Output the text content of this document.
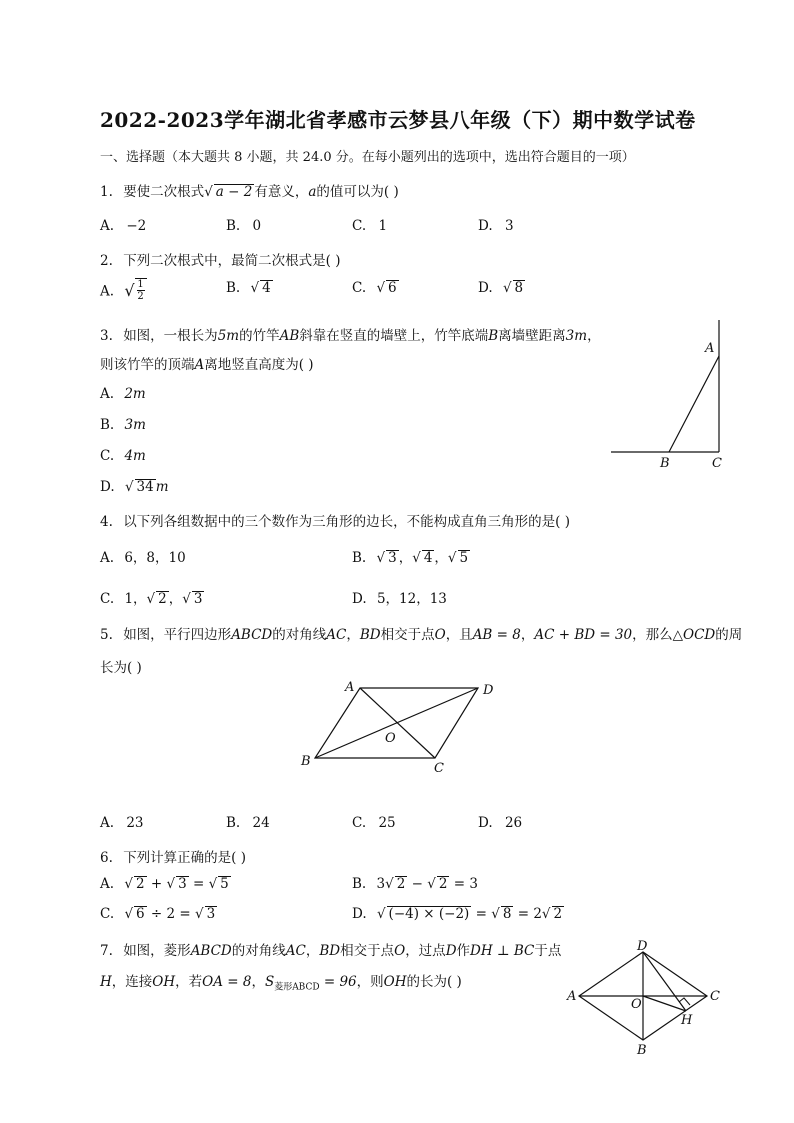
2022-2023学年湖北省孝感市云梦县八年级（下）期中数学试卷
一、选择题（本大题共 8 小题，共 24.0 分。在每小题列出的选项中，选出符合题目的一项）
1. 要使二次根式√ a − 2 有意义，a的值可以为( )
A. −2	B. 0	C. 1	D. 3
2. 下列二次根式中，最简二次根式是( )
A. √ 1
2
B. √ 4	C. √ 6	D. √ 8
3. 如图，一根长为5m的竹竿AB斜靠在竖直的墙壁上，竹竿底端B离墙壁距离3m，
则该竹竿的顶端A离地竖直高度为( )
A. 2m
B. 3m
C. 4m
D. √ 34 m
A
B	C
4. 以下列各组数据中的三个数作为三角形的边长，不能构成直角三角形的是( )
A. 6，8，10	B. √ 3 ，√ 4 ，√ 5
C. 1，√ 2 ，√ 3	D. 5，12，13
5. 如图，平行四边形ABCD的对角线AC，BD相交于点O，且AB = 8，AC + BD = 30，那么△OCD的周
长为( )
A	D
B	C
O
A. 23	B. 24	C. 25	D. 26
6. 下列计算正确的是( )
A. √ 2 + √ 3 = √ 5	B. 3√ 2 − √ 2 = 3
C. √ 6 ÷ 2 = √ 3	D. √ (−4) × (−2) = √ 8 = 2√ 2
7. 如图，菱形ABCD的对角线AC，BD相交于点O，过点D作DH ⊥ BC于点
H，连接OH，若OA = 8，$S_{菱形ABCD} = 96$，则OH的长为( )
D
A	C
B
O
H
